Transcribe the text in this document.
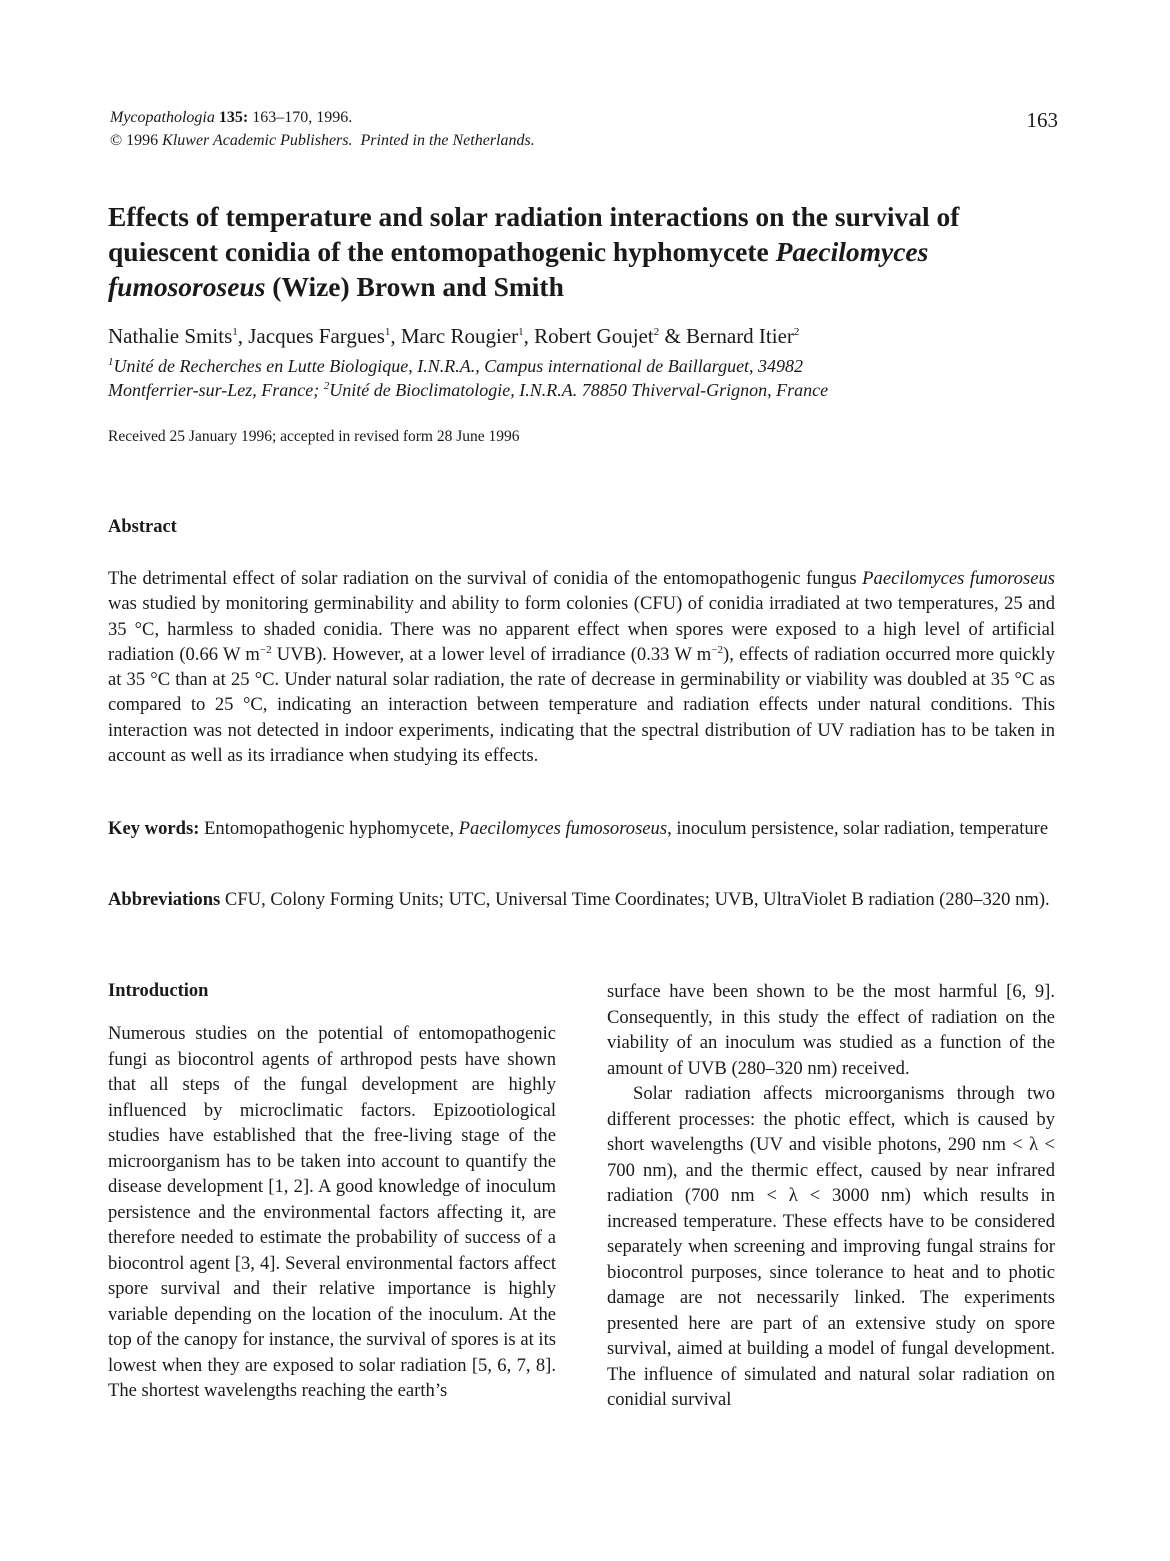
Mycopathologia 135: 163–170, 1996.
© 1996 Kluwer Academic Publishers. Printed in the Netherlands.
163
Effects of temperature and solar radiation interactions on the survival of quiescent conidia of the entomopathogenic hyphomycete Paecilomyces fumosoroseus (Wize) Brown and Smith
Nathalie Smits$^1$, Jacques Fargues$^1$, Marc Rougier$^1$, Robert Goujet$^2$ & Bernard Itier$^2$

$^1$Unité de Recherches en Lutte Biologique, I.N.R.A., Campus international de Baillarguet, 34982

Montferrier-sur-Lez, France; $^2$Unité de Bioclimatologie, I.N.R.A. 78850 Thiverval-Grignon, France

Received 25 January 1996; accepted in revised form 28 June 1996
Abstract

The detrimental effect of solar radiation on the survival of conidia of the entomopathogenic fungus Paecilomyces fumoroseus was studied by monitoring germinability and ability to form colonies (CFU) of conidia irradiated at two temperatures, 25 and 35 °C, harmless to shaded conidia. There was no apparent effect when spores were exposed to a high level of artificial radiation (0.66 W $m^{-2}$ UVB). However, at a lower level of irradiance (0.33 W $m^{-2}$), effects of radiation occurred more quickly at 35 °C than at 25 °C. Under natural solar radiation, the rate of decrease in germinability or viability was doubled at 35 °C as compared to 25 °C, indicating an interaction between temperature and radiation effects under natural conditions. This interaction was not detected in indoor experiments, indicating that the spectral distribution of UV radiation has to be taken in account as well as its irradiance when studying its effects.

Key words: Entomopathogenic hyphomycete, Paecilomyces fumosoroseus, inoculum persistence, solar radiation, temperature

Abbreviations CFU, Colony Forming Units; UTC, Universal Time Coordinates; UVB, UltraViolet B radiation (280–320 nm).

Introduction

Numerous studies on the potential of entomopathogenic fungi as biocontrol agents of arthropod pests have shown that all steps of the fungal development are highly influenced by microclimatic factors. Epizootiological studies have established that the free-living stage of the microorganism has to be taken into account to quantify the disease development [1, 2]. A good knowledge of inoculum persistence and the environmental factors affecting it, are therefore needed to estimate the probability of success of a biocontrol agent [3, 4]. Several environmental factors affect spore survival and their relative importance is highly variable depending on the location of the inoculum. At the top of the canopy for instance, the survival of spores is at its lowest when they are exposed to solar radiation [5, 6, 7, 8]. The shortest wavelengths reaching the earth’s

surface have been shown to be the most harmful [6, 9]. Consequently, in this study the effect of radiation on the viability of an inoculum was studied as a function of the amount of UVB (280–320 nm) received.

Solar radiation affects microorganisms through two different processes: the photic effect, which is caused by short wavelengths (UV and visible photons, 290 nm < λ < 700 nm), and the thermic effect, caused by near infrared radiation (700 nm < λ < 3000 nm) which results in increased temperature. These effects have to be considered separately when screening and improving fungal strains for biocontrol purposes, since tolerance to heat and to photic damage are not necessarily linked. The experiments presented here are part of an extensive study on spore survival, aimed at building a model of fungal development. The influence of simulated and natural solar radiation on conidial survival
